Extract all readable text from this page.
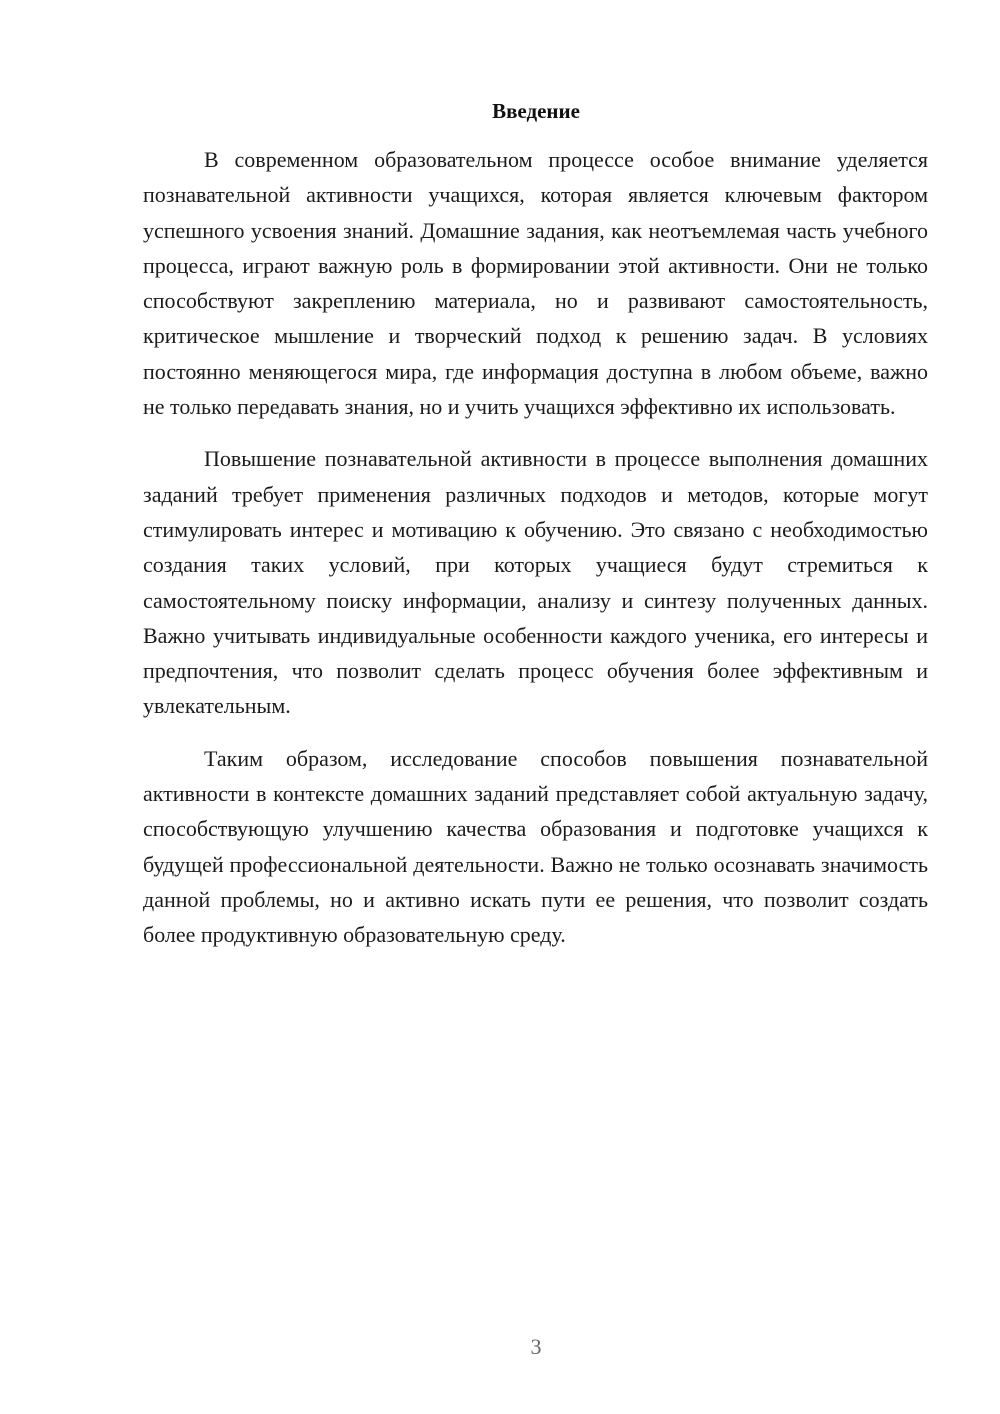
Введение

В современном образовательном процессе особое внимание уделяется познавательной активности учащихся, которая является ключевым фактором успешного усвоения знаний. Домашние задания, как неотъемлемая часть учебного процесса, играют важную роль в формировании этой активности. Они не только способствуют закреплению материала, но и развивают самостоятельность, критическое мышление и творческий подход к решению задач. В условиях постоянно меняющегося мира, где информация доступна в любом объеме, важно не только передавать знания, но и учить учащихся эффективно их использовать.

Повышение познавательной активности в процессе выполнения домашних заданий требует применения различных подходов и методов, которые могут стимулировать интерес и мотивацию к обучению. Это связано с необходимостью создания таких условий, при которых учащиеся будут стремиться к самостоятельному поиску информации, анализу и синтезу полученных данных. Важно учитывать индивидуальные особенности каждого ученика, его интересы и предпочтения, что позволит сделать процесс обучения более эффективным и увлекательным.

Таким образом, исследование способов повышения познавательной активности в контексте домашних заданий представляет собой актуальную задачу, способствующую улучшению качества образования и подготовке учащихся к будущей профессиональной деятельности. Важно не только осознавать значимость данной проблемы, но и активно искать пути ее решения, что позволит создать более продуктивную образовательную среду.

3
